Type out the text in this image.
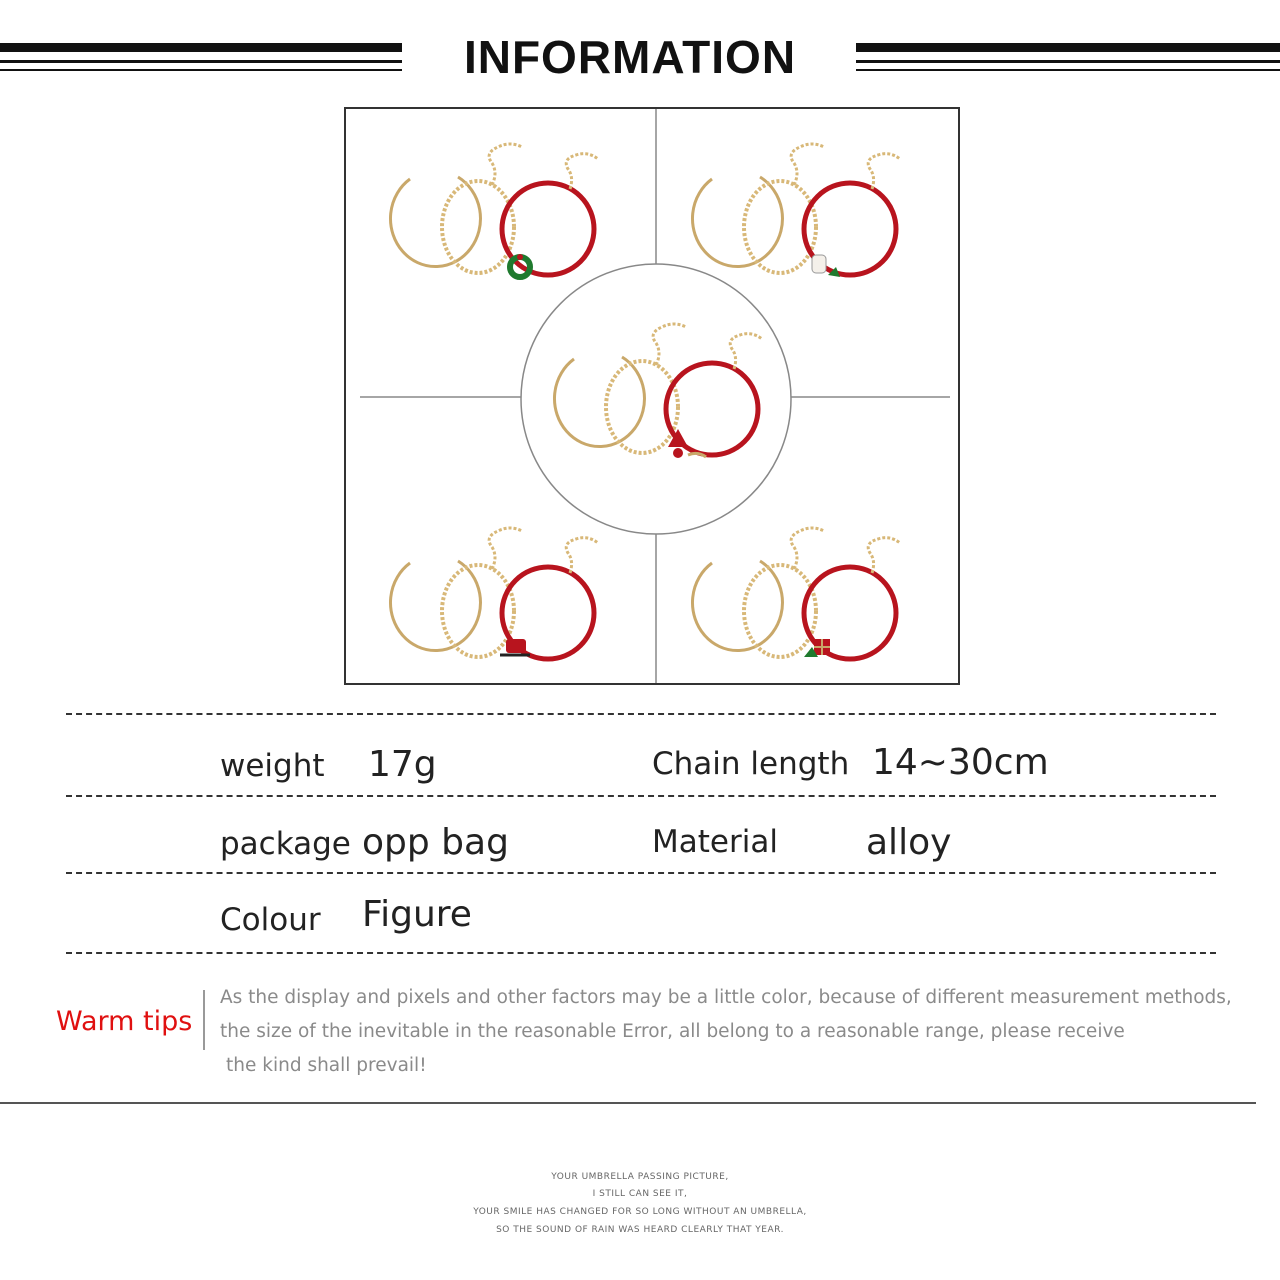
INFORMATION
weight 17g	Chain length 14~30cm
package opp bag	Material alloy
Colour Figure
Warm tips
As the display and pixels and other factors may be a little color, because of different measurement methods,
the size of the inevitable in the reasonable Error, all belong to a reasonable range, please receive
the kind shall prevail!
YOUR UMBRELLA PASSING PICTURE,
I STILL CAN SEE IT,
YOUR SMILE HAS CHANGED FOR SO LONG WITHOUT AN UMBRELLA,
SO THE SOUND OF RAIN WAS HEARD CLEARLY THAT YEAR.
